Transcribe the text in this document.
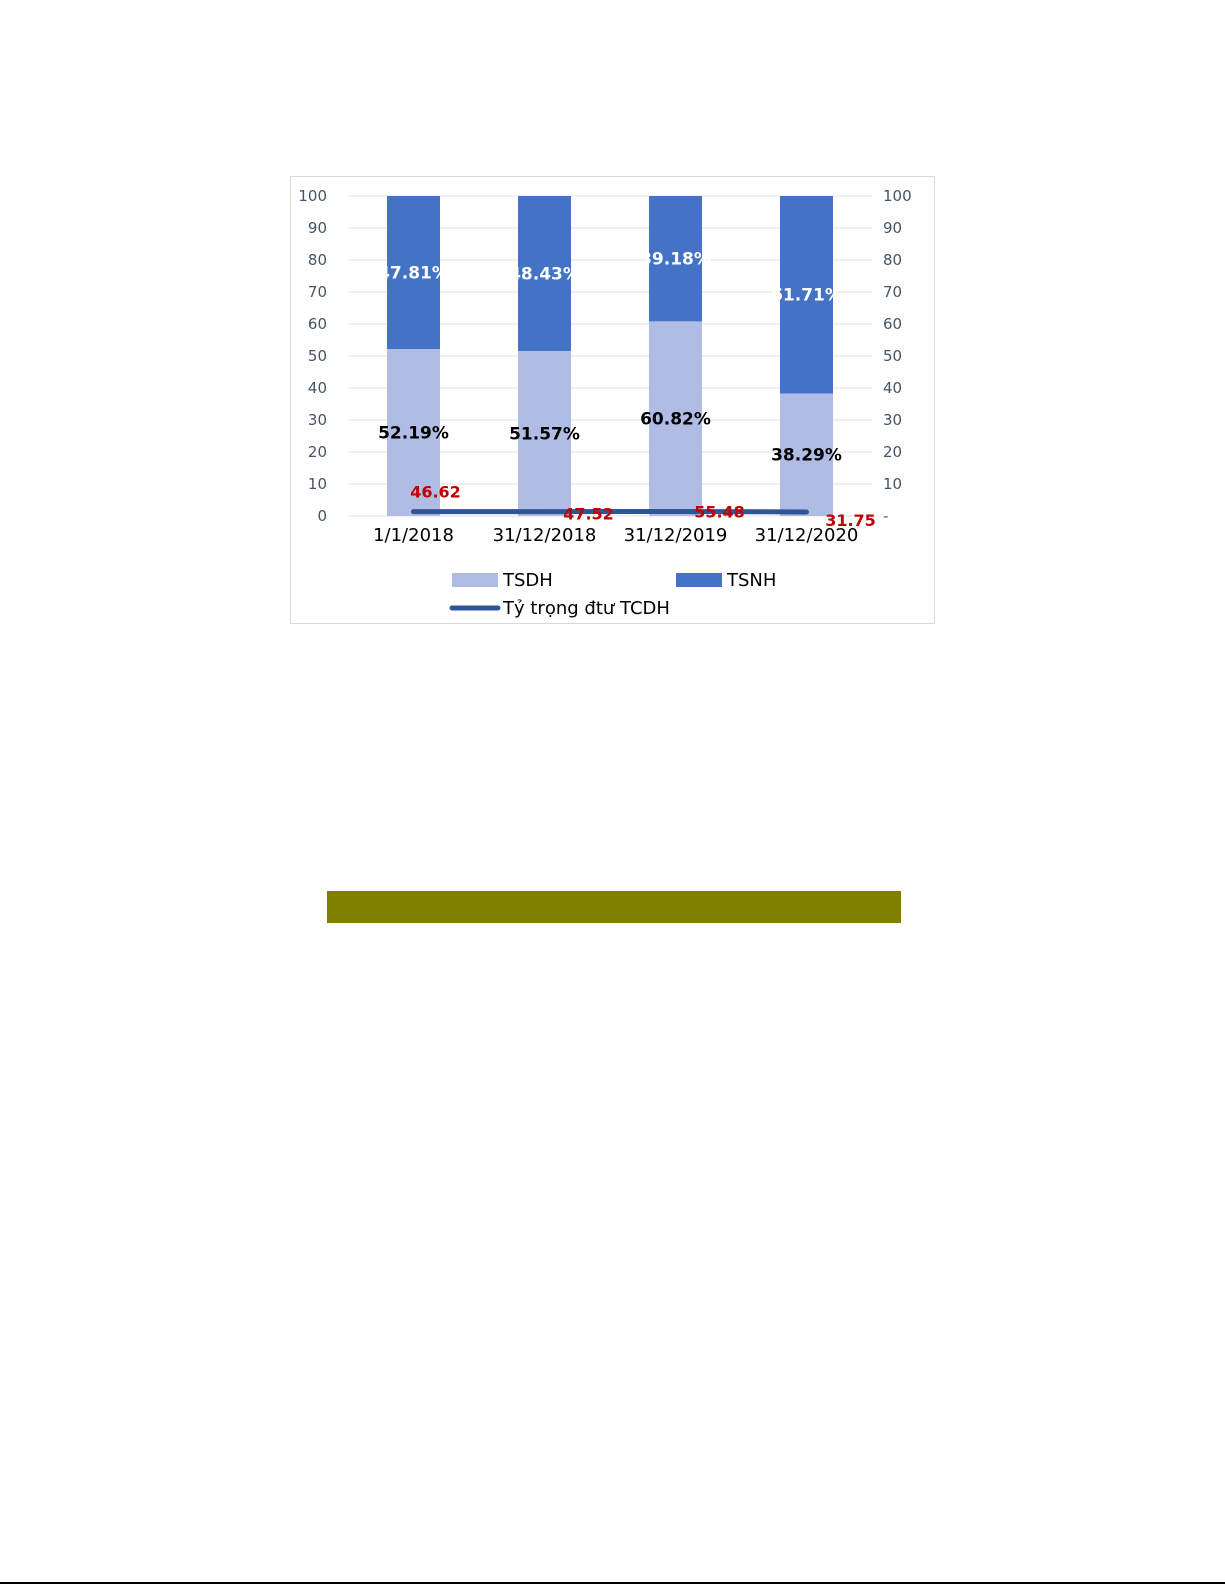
0
10
20
30
40
50
60
70
80
90
100
-
10
20
30
40
50
60
70
80
90
100
52.19%
47.81%
51.57%
48.43%
60.82%
39.18%
38.29%
61.71%
46.62
47.52	55.48	31.75
1/1/2018 31/12/2018 31/12/2019 31/12/2020
TSDH	TSNH
Tỷ trọng đtư TCDH
